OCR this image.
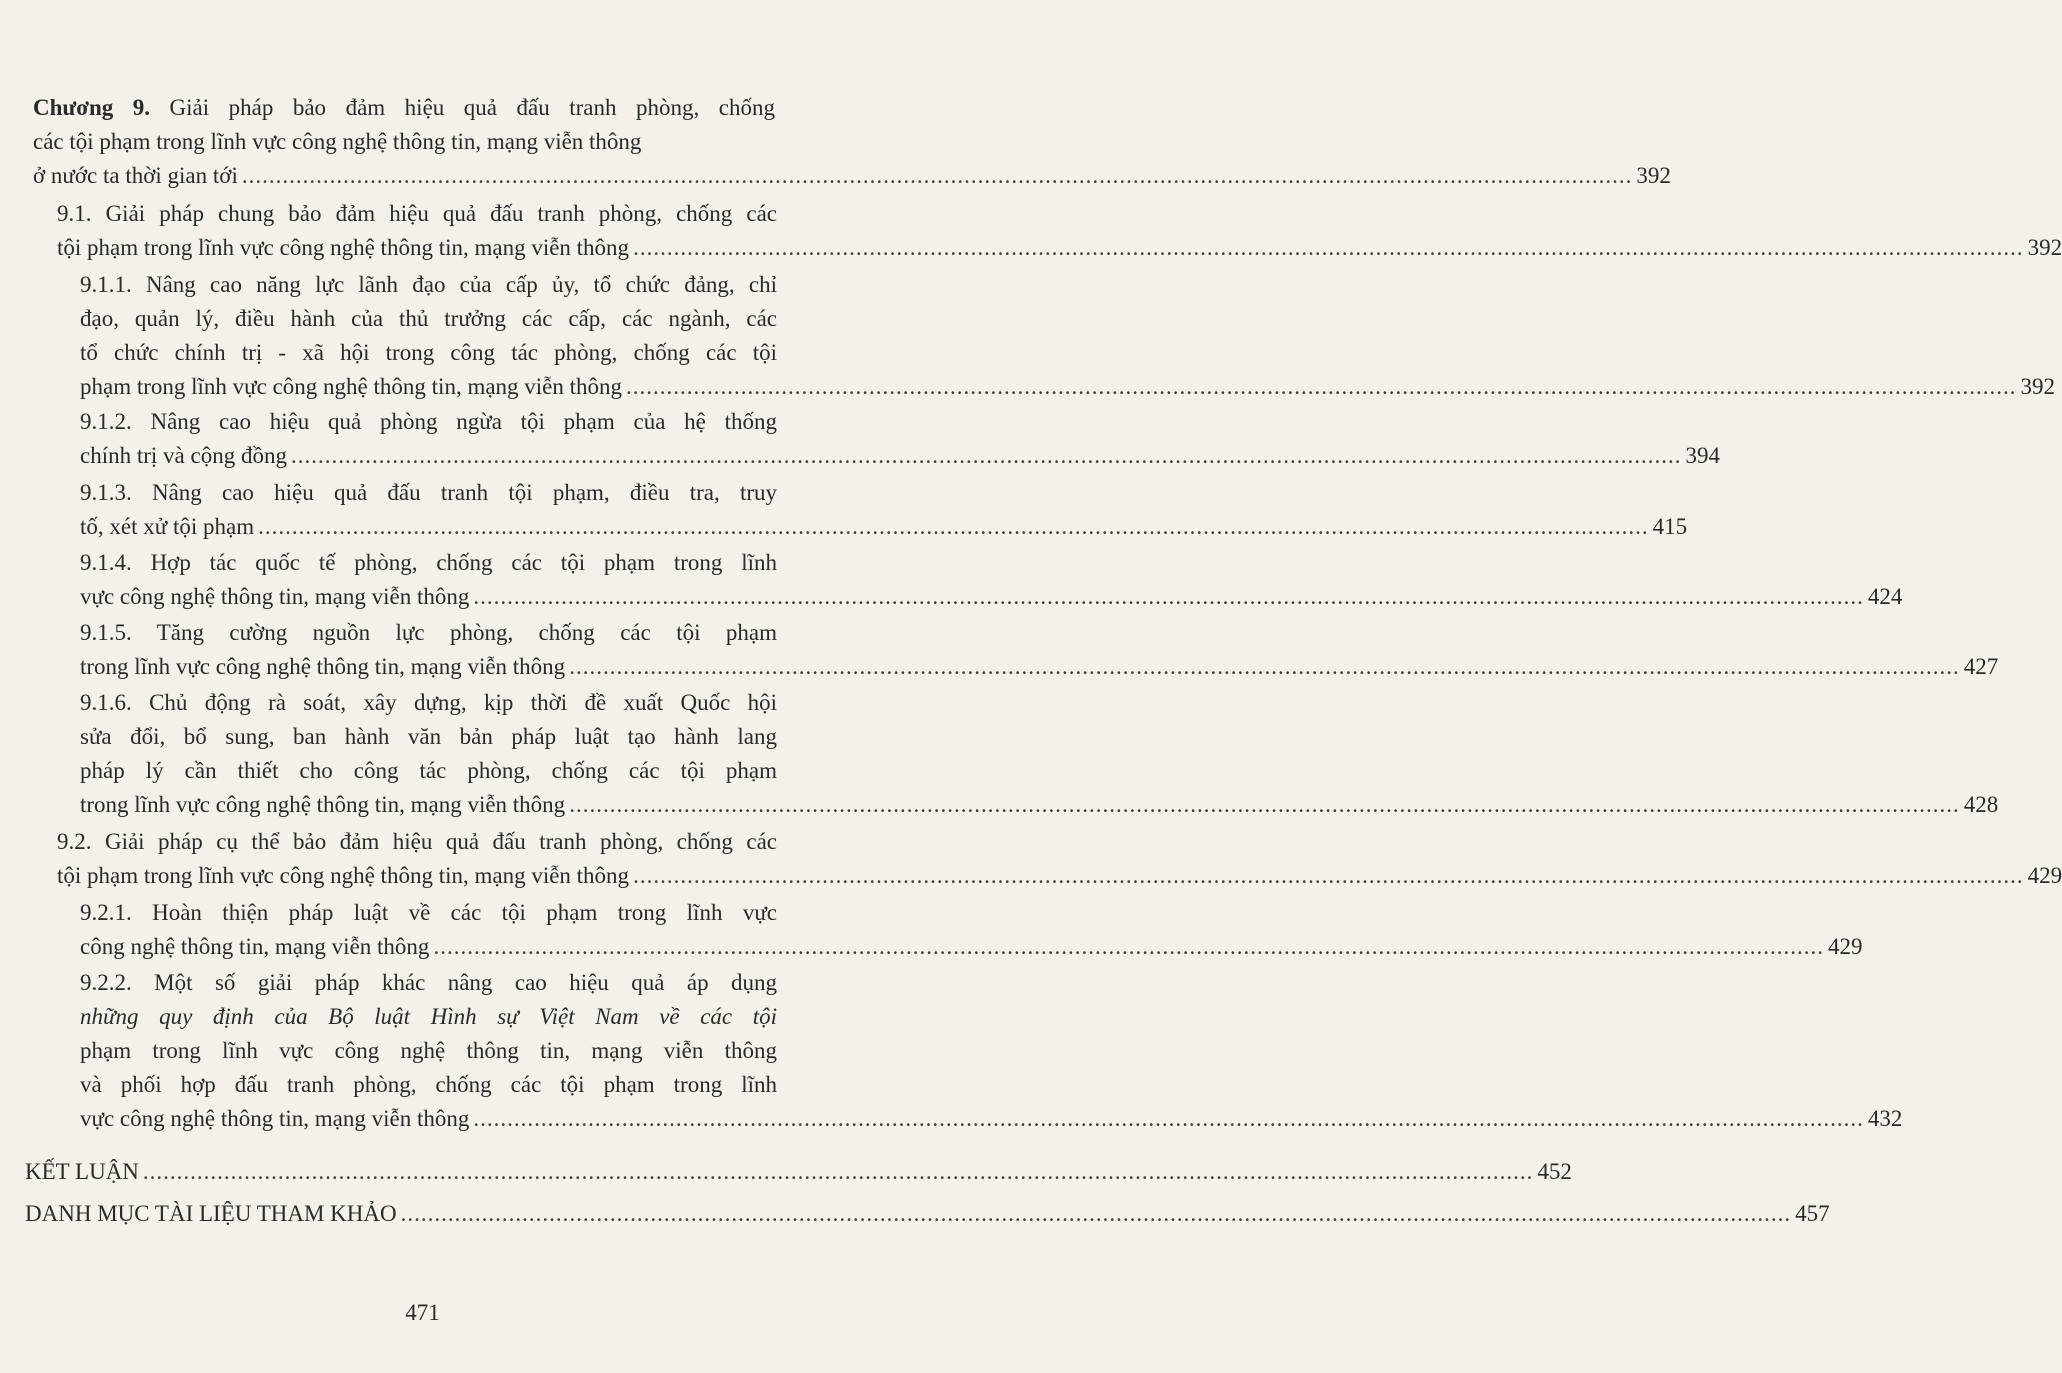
Chương 9. Giải pháp bảo đảm hiệu quả đấu tranh phòng, chống
các tội phạm trong lĩnh vực công nghệ thông tin, mạng viễn thông
ở nước ta thời gian tới .............................................................................................................................................................................................................. 392
9.1. Giải pháp chung bảo đảm hiệu quả đấu tranh phòng, chống các
tội phạm trong lĩnh vực công nghệ thông tin, mạng viễn thông .............................................................................................................................................................................................................. 392
9.1.1. Nâng cao năng lực lãnh đạo của cấp ủy, tổ chức đảng, chỉ
đạo, quản lý, điều hành của thủ trưởng các cấp, các ngành, các
tổ chức chính trị - xã hội trong công tác phòng, chống các tội
phạm trong lĩnh vực công nghệ thông tin, mạng viễn thông .............................................................................................................................................................................................................. 392
9.1.2. Nâng cao hiệu quả phòng ngừa tội phạm của hệ thống
chính trị và cộng đồng .............................................................................................................................................................................................................. 394
9.1.3. Nâng cao hiệu quả đấu tranh tội phạm, điều tra, truy
tố, xét xử tội phạm .............................................................................................................................................................................................................. 415
9.1.4. Hợp tác quốc tế phòng, chống các tội phạm trong lĩnh
vực công nghệ thông tin, mạng viễn thông .............................................................................................................................................................................................................. 424
9.1.5. Tăng cường nguồn lực phòng, chống các tội phạm
trong lĩnh vực công nghệ thông tin, mạng viễn thông .............................................................................................................................................................................................................. 427
9.1.6. Chủ động rà soát, xây dựng, kịp thời đề xuất Quốc hội
sửa đổi, bổ sung, ban hành văn bản pháp luật tạo hành lang
pháp lý cần thiết cho công tác phòng, chống các tội phạm
trong lĩnh vực công nghệ thông tin, mạng viễn thông .............................................................................................................................................................................................................. 428
9.2. Giải pháp cụ thể bảo đảm hiệu quả đấu tranh phòng, chống các
tội phạm trong lĩnh vực công nghệ thông tin, mạng viễn thông .............................................................................................................................................................................................................. 429
9.2.1. Hoàn thiện pháp luật về các tội phạm trong lĩnh vực
công nghệ thông tin, mạng viễn thông .............................................................................................................................................................................................................. 429
9.2.2. Một số giải pháp khác nâng cao hiệu quả áp dụng
những quy định của Bộ luật Hình sự Việt Nam về các tội
phạm trong lĩnh vực công nghệ thông tin, mạng viễn thông
và phối hợp đấu tranh phòng, chống các tội phạm trong lĩnh
vực công nghệ thông tin, mạng viễn thông .............................................................................................................................................................................................................. 432
KẾT LUẬN .............................................................................................................................................................................................................. 452
DANH MỤC TÀI LIỆU THAM KHẢO .............................................................................................................................................................................................................. 457
471
